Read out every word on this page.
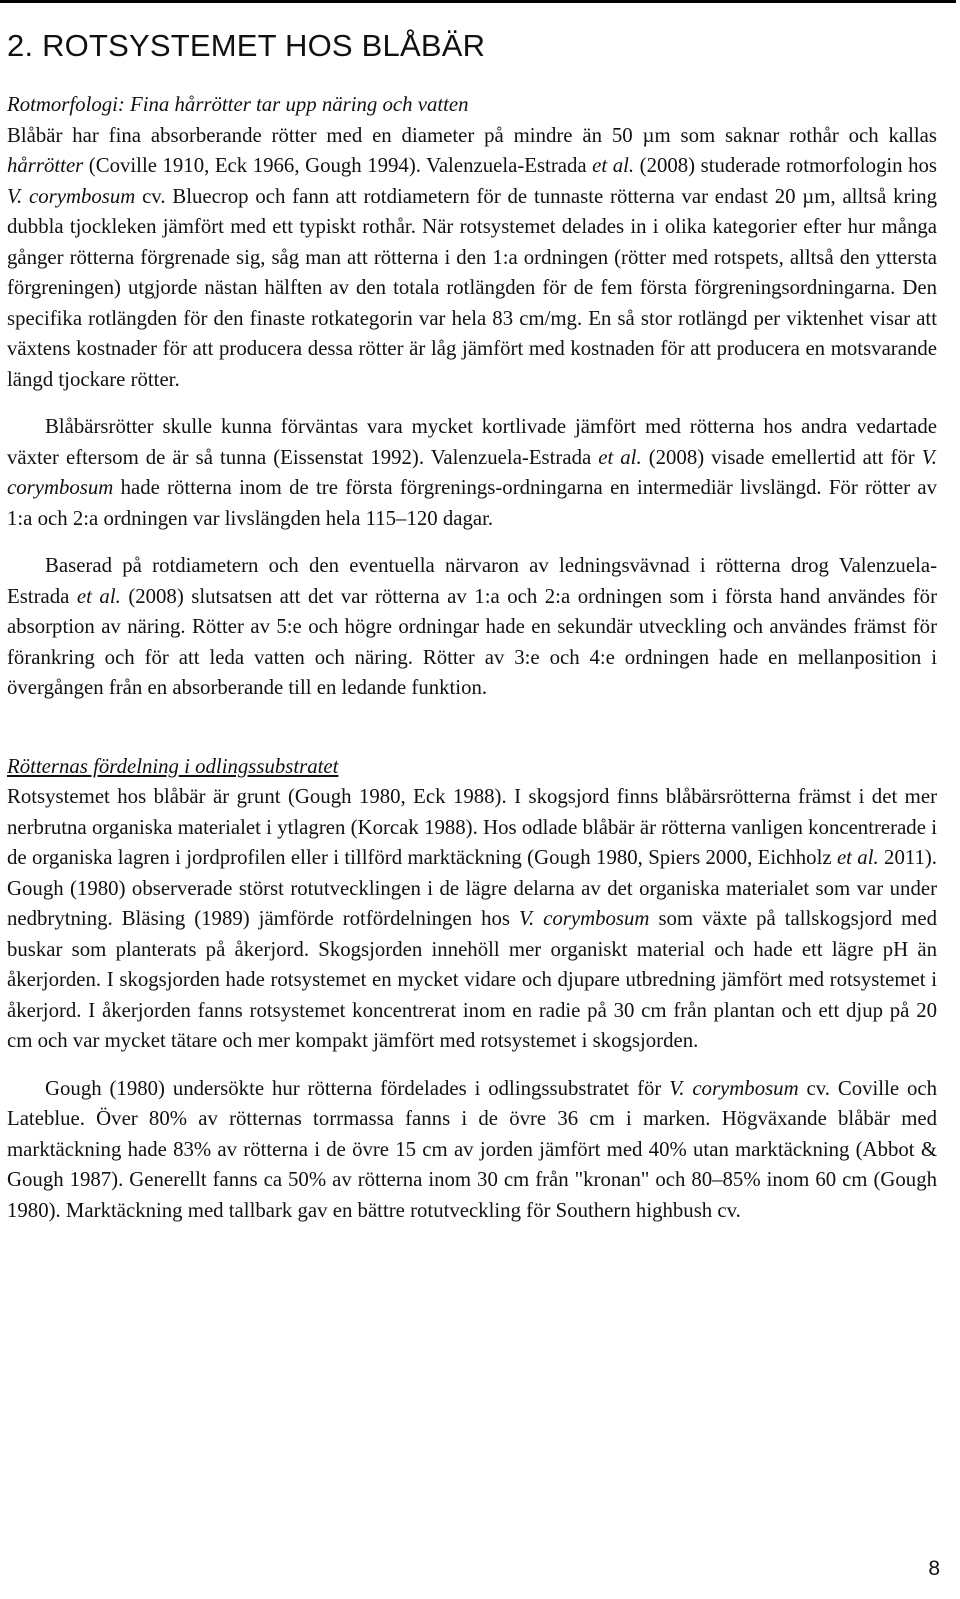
2. ROTSYSTEMET HOS BLÅBÄR
Rotmorfologi: Fina hårrötter tar upp näring och vatten

Blåbär har fina absorberande rötter med en diameter på mindre än 50 µm som saknar rothår och kallas hårrötter (Coville 1910, Eck 1966, Gough 1994). Valenzuela-Estrada et al. (2008) studerade rotmorfologin hos V. corymbosum cv. Bluecrop och fann att rotdiametern för de tunnaste rötterna var endast 20 µm, alltså kring dubbla tjockleken jämfört med ett typiskt rothår. När rotsystemet delades in i olika kategorier efter hur många gånger rötterna förgrenade sig, såg man att rötterna i den 1:a ordningen (rötter med rotspets, alltså den yttersta förgreningen) utgjorde nästan hälften av den totala rotlängden för de fem första förgreningsordningarna. Den specifika rotlängden för den finaste rotkategorin var hela 83 cm/mg. En så stor rotlängd per viktenhet visar att växtens kostnader för att producera dessa rötter är låg jämfört med kostnaden för att producera en motsvarande längd tjockare rötter.

Blåbärsrötter skulle kunna förväntas vara mycket kortlivade jämfört med rötterna hos andra vedartade växter eftersom de är så tunna (Eissenstat 1992). Valenzuela-Estrada et al. (2008) visade emellertid att för V. corymbosum hade rötterna inom de tre första förgrenings-ordningarna en intermediär livslängd. För rötter av 1:a och 2:a ordningen var livslängden hela 115–120 dagar.

Baserad på rotdiametern och den eventuella närvaron av ledningsvävnad i rötterna drog Valenzuela-Estrada et al. (2008) slutsatsen att det var rötterna av 1:a och 2:a ordningen som i första hand användes för absorption av näring. Rötter av 5:e och högre ordningar hade en sekundär utveckling och användes främst för förankring och för att leda vatten och näring. Rötter av 3:e och 4:e ordningen hade en mellanposition i övergången från en absorberande till en ledande funktion.

Rötternas fördelning i odlingssubstratet

Rotsystemet hos blåbär är grunt (Gough 1980, Eck 1988). I skogsjord finns blåbärsrötterna främst i det mer nerbrutna organiska materialet i ytlagren (Korcak 1988). Hos odlade blåbär är rötterna vanligen koncentrerade i de organiska lagren i jordprofilen eller i tillförd marktäckning (Gough 1980, Spiers 2000, Eichholz et al. 2011). Gough (1980) observerade störst rotutvecklingen i de lägre delarna av det organiska materialet som var under nedbrytning. Bläsing (1989) jämförde rotfördelningen hos V. corymbosum som växte på tallskogsjord med buskar som planterats på åkerjord. Skogsjorden innehöll mer organiskt material och hade ett lägre pH än åkerjorden. I skogsjorden hade rotsystemet en mycket vidare och djupare utbredning jämfört med rotsystemet i åkerjord. I åkerjorden fanns rotsystemet koncentrerat inom en radie på 30 cm från plantan och ett djup på 20 cm och var mycket tätare och mer kompakt jämfört med rotsystemet i skogsjorden.

Gough (1980) undersökte hur rötterna fördelades i odlingssubstratet för V. corymbosum cv. Coville och Lateblue. Över 80% av rötternas torrmassa fanns i de övre 36 cm i marken. Högväxande blåbär med marktäckning hade 83% av rötterna i de övre 15 cm av jorden jämfört med 40% utan marktäckning (Abbot & Gough 1987). Generellt fanns ca 50% av rötterna inom 30 cm från "kronan" och 80–85% inom 60 cm (Gough 1980). Marktäckning med tallbark gav en bättre rotutveckling för Southern highbush cv.

8
